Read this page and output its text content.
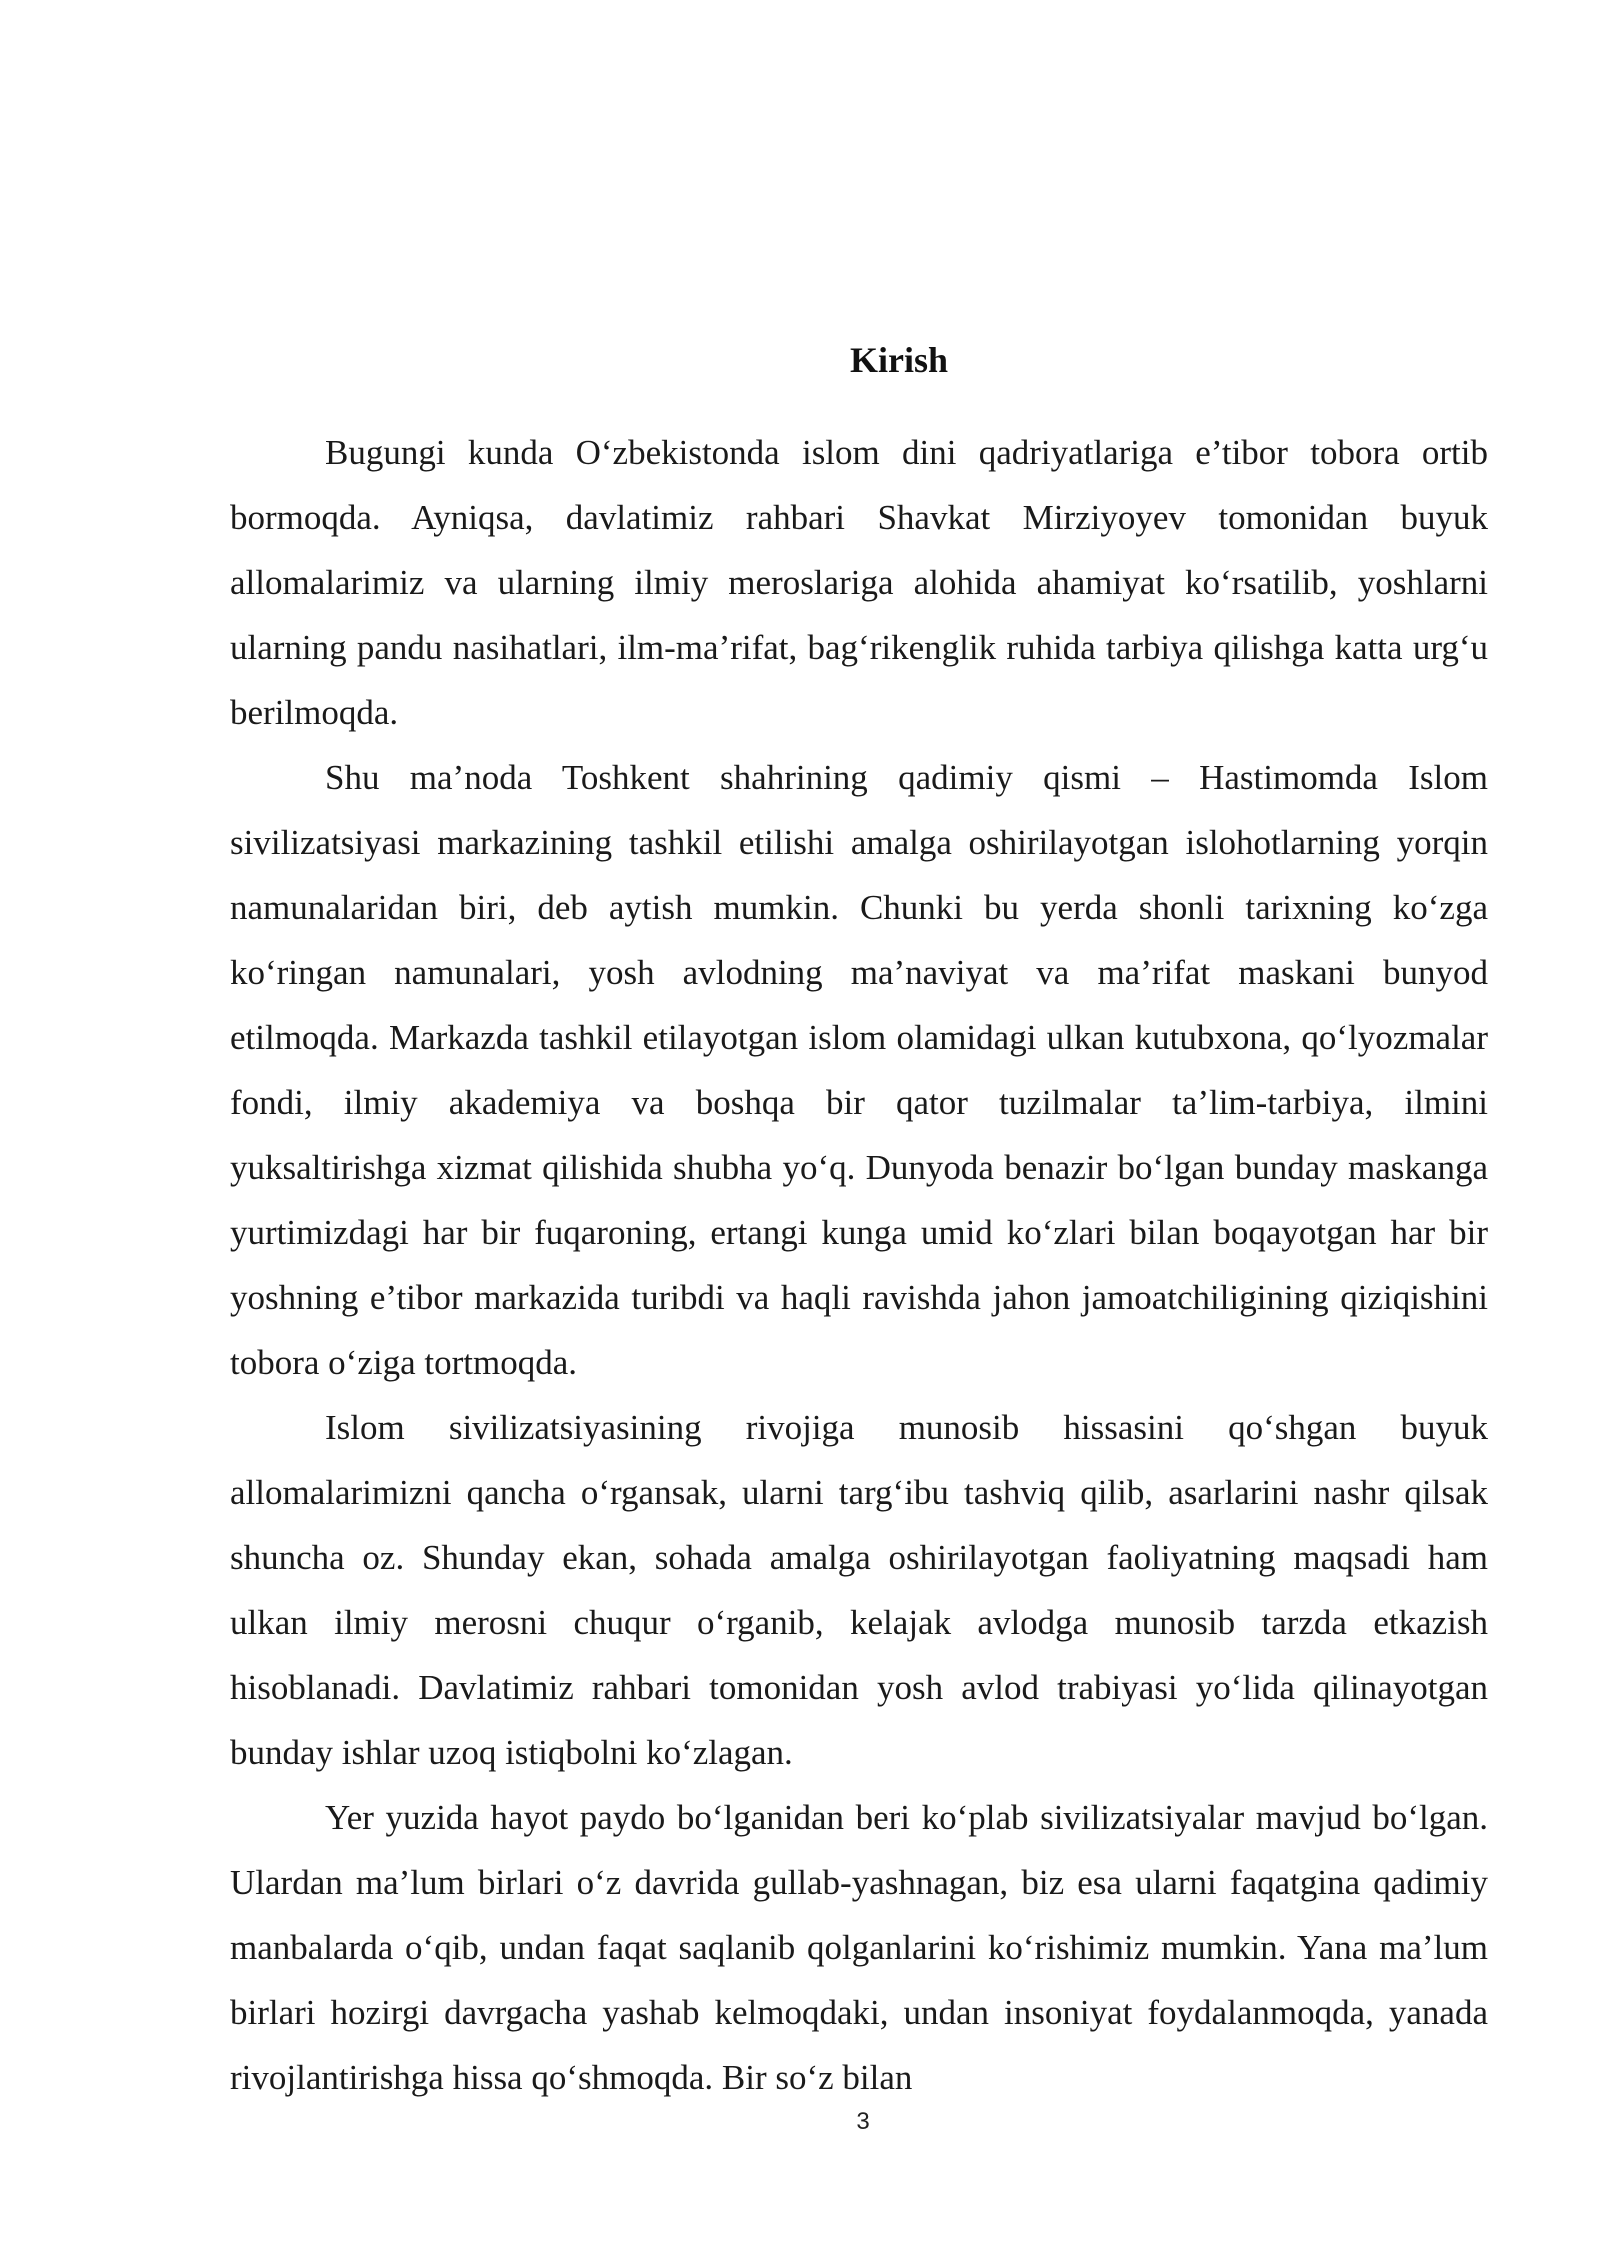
Kirish

Bugungi kunda O‘zbekistonda islom dini qadriyatlariga e’tibor tobora ortib bormoqda. Ayniqsa, davlatimiz rahbari Shavkat Mirziyoyev tomonidan buyuk allomalarimiz va ularning ilmiy meroslariga alohida ahamiyat ko‘rsatilib, yoshlarni ularning pandu nasihatlari, ilm-ma’rifat, bag‘rikenglik ruhida tarbiya qilishga katta urg‘u berilmoqda.

Shu ma’noda Toshkent shahrining qadimiy qismi – Hastimomda Islom sivilizatsiyasi markazining tashkil etilishi amalga oshirilayotgan islohotlarning yorqin namunalaridan biri, deb aytish mumkin. Chunki bu yerda shonli tarixning ko‘zga ko‘ringan namunalari, yosh avlodning ma’naviyat va ma’rifat maskani bunyod etilmoqda. Markazda tashkil etilayotgan islom olamidagi ulkan kutubxona, qo‘lyozmalar fondi, ilmiy akademiya va boshqa bir qator tuzilmalar ta’lim-tarbiya, ilmini yuksaltirishga xizmat qilishida shubha yo‘q. Dunyoda benazir bo‘lgan bunday maskanga yurtimizdagi har bir fuqaroning, ertangi kunga umid ko‘zlari bilan boqayotgan har bir yoshning e’tibor markazida turibdi va haqli ravishda jahon jamoatchiligining qiziqishini tobora o‘ziga tortmoqda.

Islom sivilizatsiyasining rivojiga munosib hissasini qo‘shgan buyuk allomalarimizni qancha o‘rgansak, ularni targ‘ibu tashviq qilib, asarlarini nashr qilsak shuncha oz. Shunday ekan, sohada amalga oshirilayotgan faoliyatning maqsadi ham ulkan ilmiy merosni chuqur o‘rganib, kelajak avlodga munosib tarzda etkazish hisoblanadi. Davlatimiz rahbari tomonidan yosh avlod trabiyasi yo‘lida qilinayotgan bunday ishlar uzoq istiqbolni ko‘zlagan.

Yer yuzida hayot paydo bo‘lganidan beri ko‘plab sivilizatsiyalar mavjud bo‘lgan. Ulardan ma’lum birlari o‘z davrida gullab-yashnagan, biz esa ularni faqatgina qadimiy manbalarda o‘qib, undan faqat saqlanib qolganlarini ko‘rishimiz mumkin. Yana ma’lum birlari hozirgi davrgacha yashab kelmoqdaki, undan insoniyat foydalanmoqda, yanada rivojlantirishga hissa qo‘shmoqda. Bir so‘z bilan

3
